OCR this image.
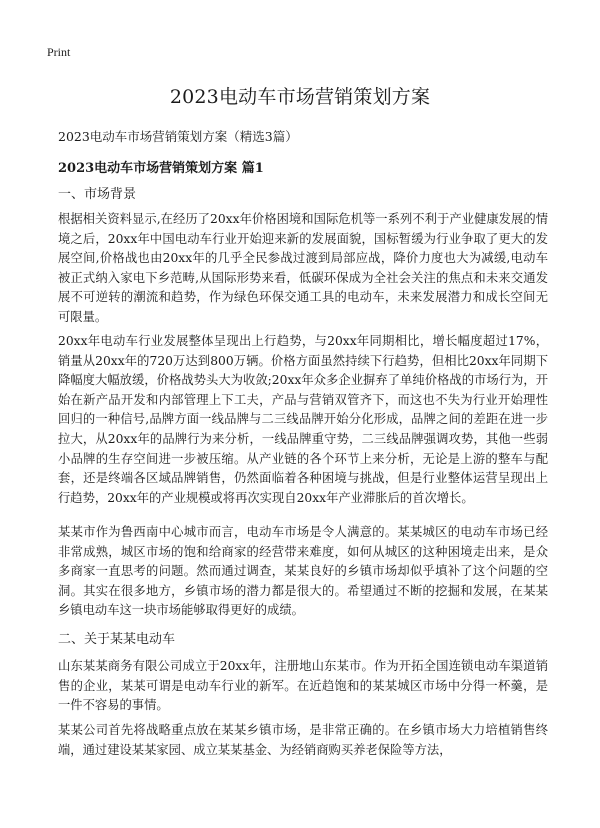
Print
2023电动车市场营销策划方案
2023电动车市场营销策划方案（精选3篇）
2023电动车市场营销策划方案 篇1
一、市场背景

根据相关资料显示,在经历了20xx年价格困境和国际危机等一系列不利于产业健康发展的情境之后，20xx年中国电动车行业开始迎来新的发展面貌，国标暂缓为行业争取了更大的发展空间,价格战也由20xx年的几乎全民参战过渡到局部应战，降价力度也大为减缓,电动车被正式纳入家电下乡范畴,从国际形势来看，低碳环保成为全社会关注的焦点和未来交通发展不可逆转的潮流和趋势，作为绿色环保交通工具的电动车，未来发展潜力和成长空间无可限量。

20xx年电动车行业发展整体呈现出上行趋势，与20xx年同期相比，增长幅度超过17%，销量从20xx年的720万达到800万辆。价格方面虽然持续下行趋势，但相比20xx年同期下降幅度大幅放缓，价格战势头大为收敛;20xx年众多企业摒弃了单纯价格战的市场行为，开始在新产品开发和内部管理上下工夫，产品与营销双管齐下，而这也不失为行业开始理性回归的一种信号,品牌方面一线品牌与二三线品牌开始分化形成，品牌之间的差距在进一步拉大，从20xx年的品牌行为来分析，一线品牌重守势，二三线品牌强调攻势，其他一些弱小品牌的生存空间进一步被压缩。从产业链的各个环节上来分析，无论是上游的整车与配套，还是终端各区域品牌销售，仍然面临着各种困境与挑战，但是行业整体运营呈现出上行趋势，20xx年的产业规模或将再次实现自20xx年产业滞胀后的首次增长。

某某市作为鲁西南中心城市而言，电动车市场是令人满意的。某某城区的电动车市场已经非常成熟，城区市场的饱和给商家的经营带来难度，如何从城区的这种困境走出来，是众多商家一直思考的问题。然而通过调查，某某良好的乡镇市场却似乎填补了这个问题的空洞。其实在很多地方，乡镇市场的潜力都是很大的。希望通过不断的挖掘和发展，在某某乡镇电动车这一块市场能够取得更好的成绩。

二、关于某某电动车

山东某某商务有限公司成立于20xx年，注册地山东某市。作为开拓全国连锁电动车渠道销售的企业，某某可谓是电动车行业的新军。在近趋饱和的某某城区市场中分得一杯羹，是一件不容易的事情。

某某公司首先将战略重点放在某某乡镇市场，是非常正确的。在乡镇市场大力培植销售终端，通过建设某某家园、成立某某基金、为经销商购买养老保险等方法，
